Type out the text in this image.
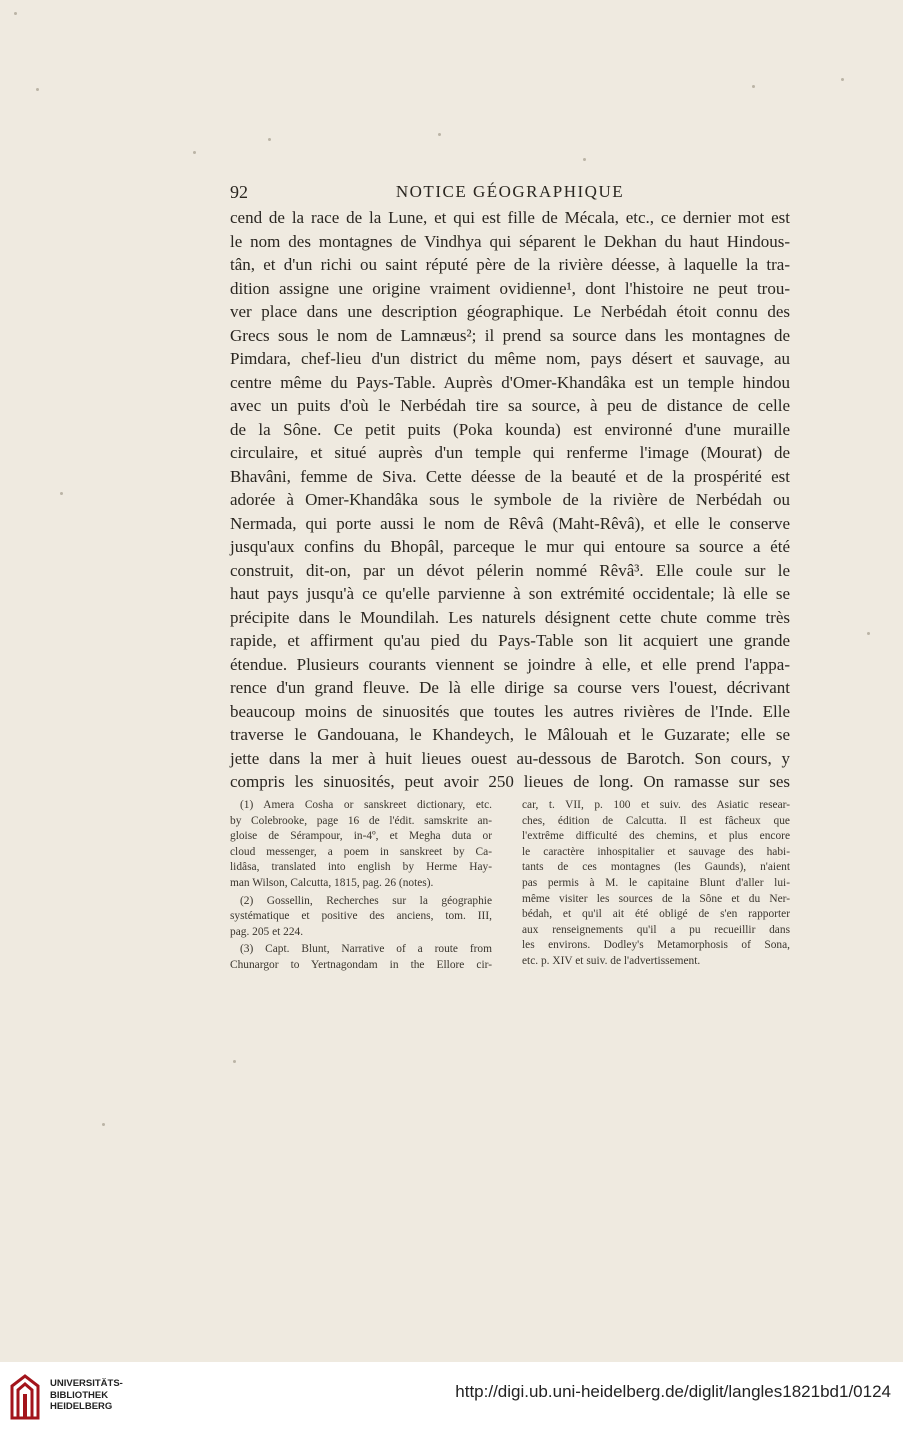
92	NOTICE GÉOGRAPHIQUE
cend de la race de la Lune, et qui est fille de Mécala, etc., ce dernier mot est
le nom des montagnes de Vindhya qui séparent le Dekhan du haut Hindous-
tân, et d'un richi ou saint réputé père de la rivière déesse, à laquelle la tra-
dition assigne une origine vraiment ovidienne¹, dont l'histoire ne peut trou-
ver place dans une description géographique. Le Nerbédah étoit connu des
Grecs sous le nom de Lamnæus²; il prend sa source dans les montagnes de
Pimdara, chef-lieu d'un district du même nom, pays désert et sauvage, au
centre même du Pays-Table. Auprès d'Omer-Khandâka est un temple hindou
avec un puits d'où le Nerbédah tire sa source, à peu de distance de celle
de la Sône. Ce petit puits (Poka kounda) est environné d'une muraille
circulaire, et situé auprès d'un temple qui renferme l'image (Mourat) de
Bhavâni, femme de Siva. Cette déesse de la beauté et de la prospérité est
adorée à Omer-Khandâka sous le symbole de la rivière de Nerbédah ou
Nermada, qui porte aussi le nom de Rêvâ (Maht-Rêvâ), et elle le conserve
jusqu'aux confins du Bhopâl, parceque le mur qui entoure sa source a été
construit, dit-on, par un dévot pélerin nommé Rêvâ³. Elle coule sur le
haut pays jusqu'à ce qu'elle parvienne à son extrémité occidentale; là elle se
précipite dans le Moundilah. Les naturels désignent cette chute comme très
rapide, et affirment qu'au pied du Pays-Table son lit acquiert une grande
étendue. Plusieurs courants viennent se joindre à elle, et elle prend l'appa-
rence d'un grand fleuve. De là elle dirige sa course vers l'ouest, décrivant
beaucoup moins de sinuosités que toutes les autres rivières de l'Inde. Elle
traverse le Gandouana, le Khandeych, le Mâlouah et le Guzarate; elle se
jette dans la mer à huit lieues ouest au-dessous de Barotch. Son cours, y
compris les sinuosités, peut avoir 250 lieues de long. On ramasse sur ses
(1) Amera Cosha or sanskreet dictionary, etc.
by Colebrooke, page 16 de l'édit. samskrite an-
gloise de Sérampour, in-4º, et Megha duta or
cloud messenger, a poem in sanskreet by Ca-
lidâsa, translated into english by Herme Hay-
man Wilson, Calcutta, 1815, pag. 26 (notes).
(2) Gossellin, Recherches sur la géographie
systématique et positive des anciens, tom. III,
pag. 205 et 224.
(3) Capt. Blunt, Narrative of a route from
Chunargor to Yertnagondam in the Ellore cir-
car, t. VII, p. 100 et suiv. des Asiatic resear-
ches, édition de Calcutta. Il est fâcheux que
l'extrême difficulté des chemins, et plus encore
le caractère inhospitalier et sauvage des habi-
tants de ces montagnes (les Gaunds), n'aient
pas permis à M. le capitaine Blunt d'aller lui-
même visiter les sources de la Sône et du Ner-
bédah, et qu'il ait été obligé de s'en rapporter
aux renseignements qu'il a pu recueillir dans
les environs. Dodley's Metamorphosis of Sona,
etc. p. XIV et suiv. de l'advertissement.
UNIVERSITÄTS-
BIBLIOTHEK
HEIDELBERG
http://digi.ub.uni-heidelberg.de/diglit/langles1821bd1/0124
